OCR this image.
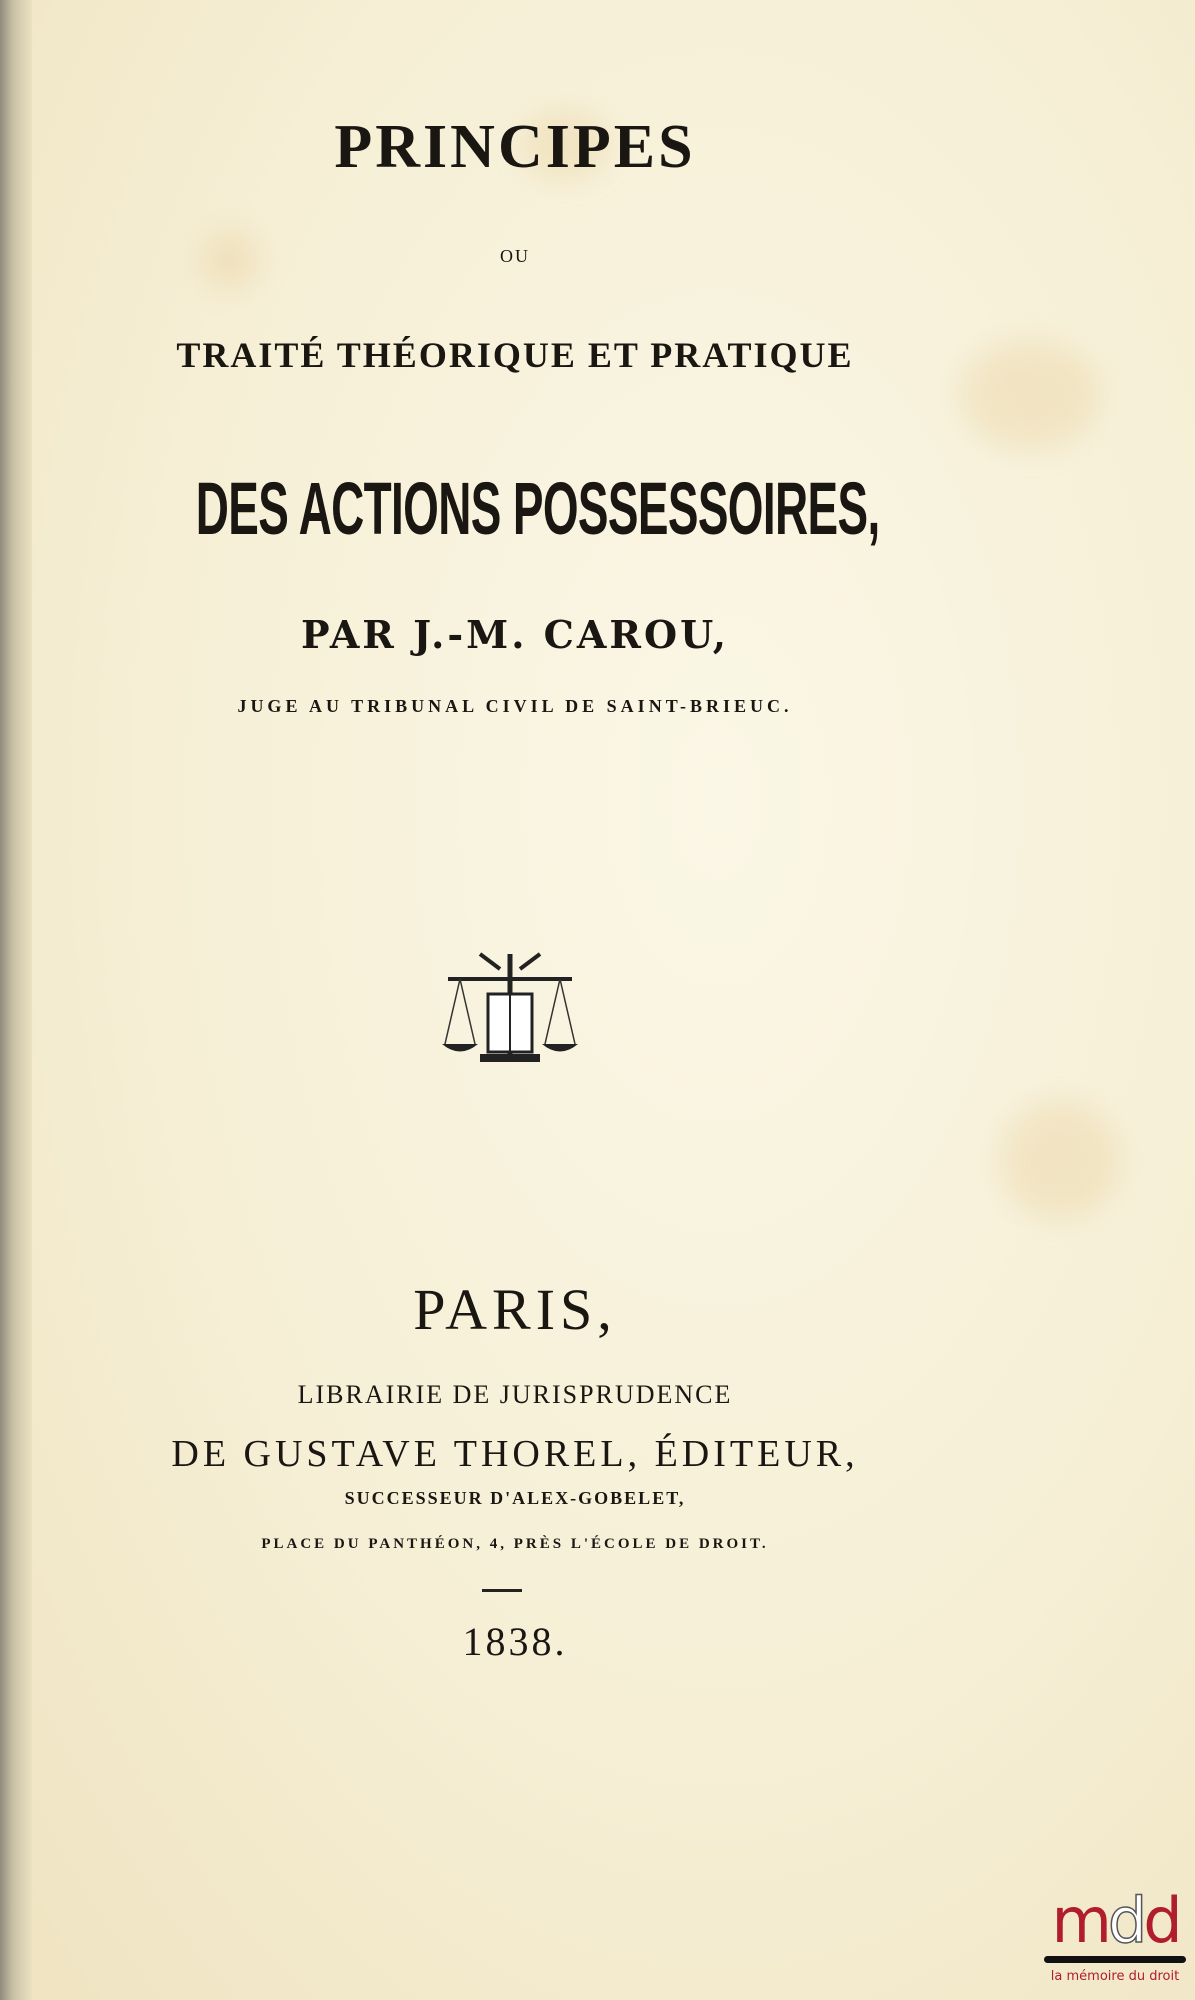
PRINCIPES
OU
TRAITÉ THÉORIQUE ET PRATIQUE
DES ACTIONS POSSESSOIRES,
PAR J.-M. CAROU,
JUGE AU TRIBUNAL CIVIL DE SAINT-BRIEUC.
PARIS,
LIBRAIRIE DE JURISPRUDENCE
DE GUSTAVE THOREL, ÉDITEUR,
SUCCESSEUR D'ALEX-GOBELET,
PLACE DU PANTHÉON, 4, PRÈS L'ÉCOLE DE DROIT.
1838.
mdd
la mémoire du droit
